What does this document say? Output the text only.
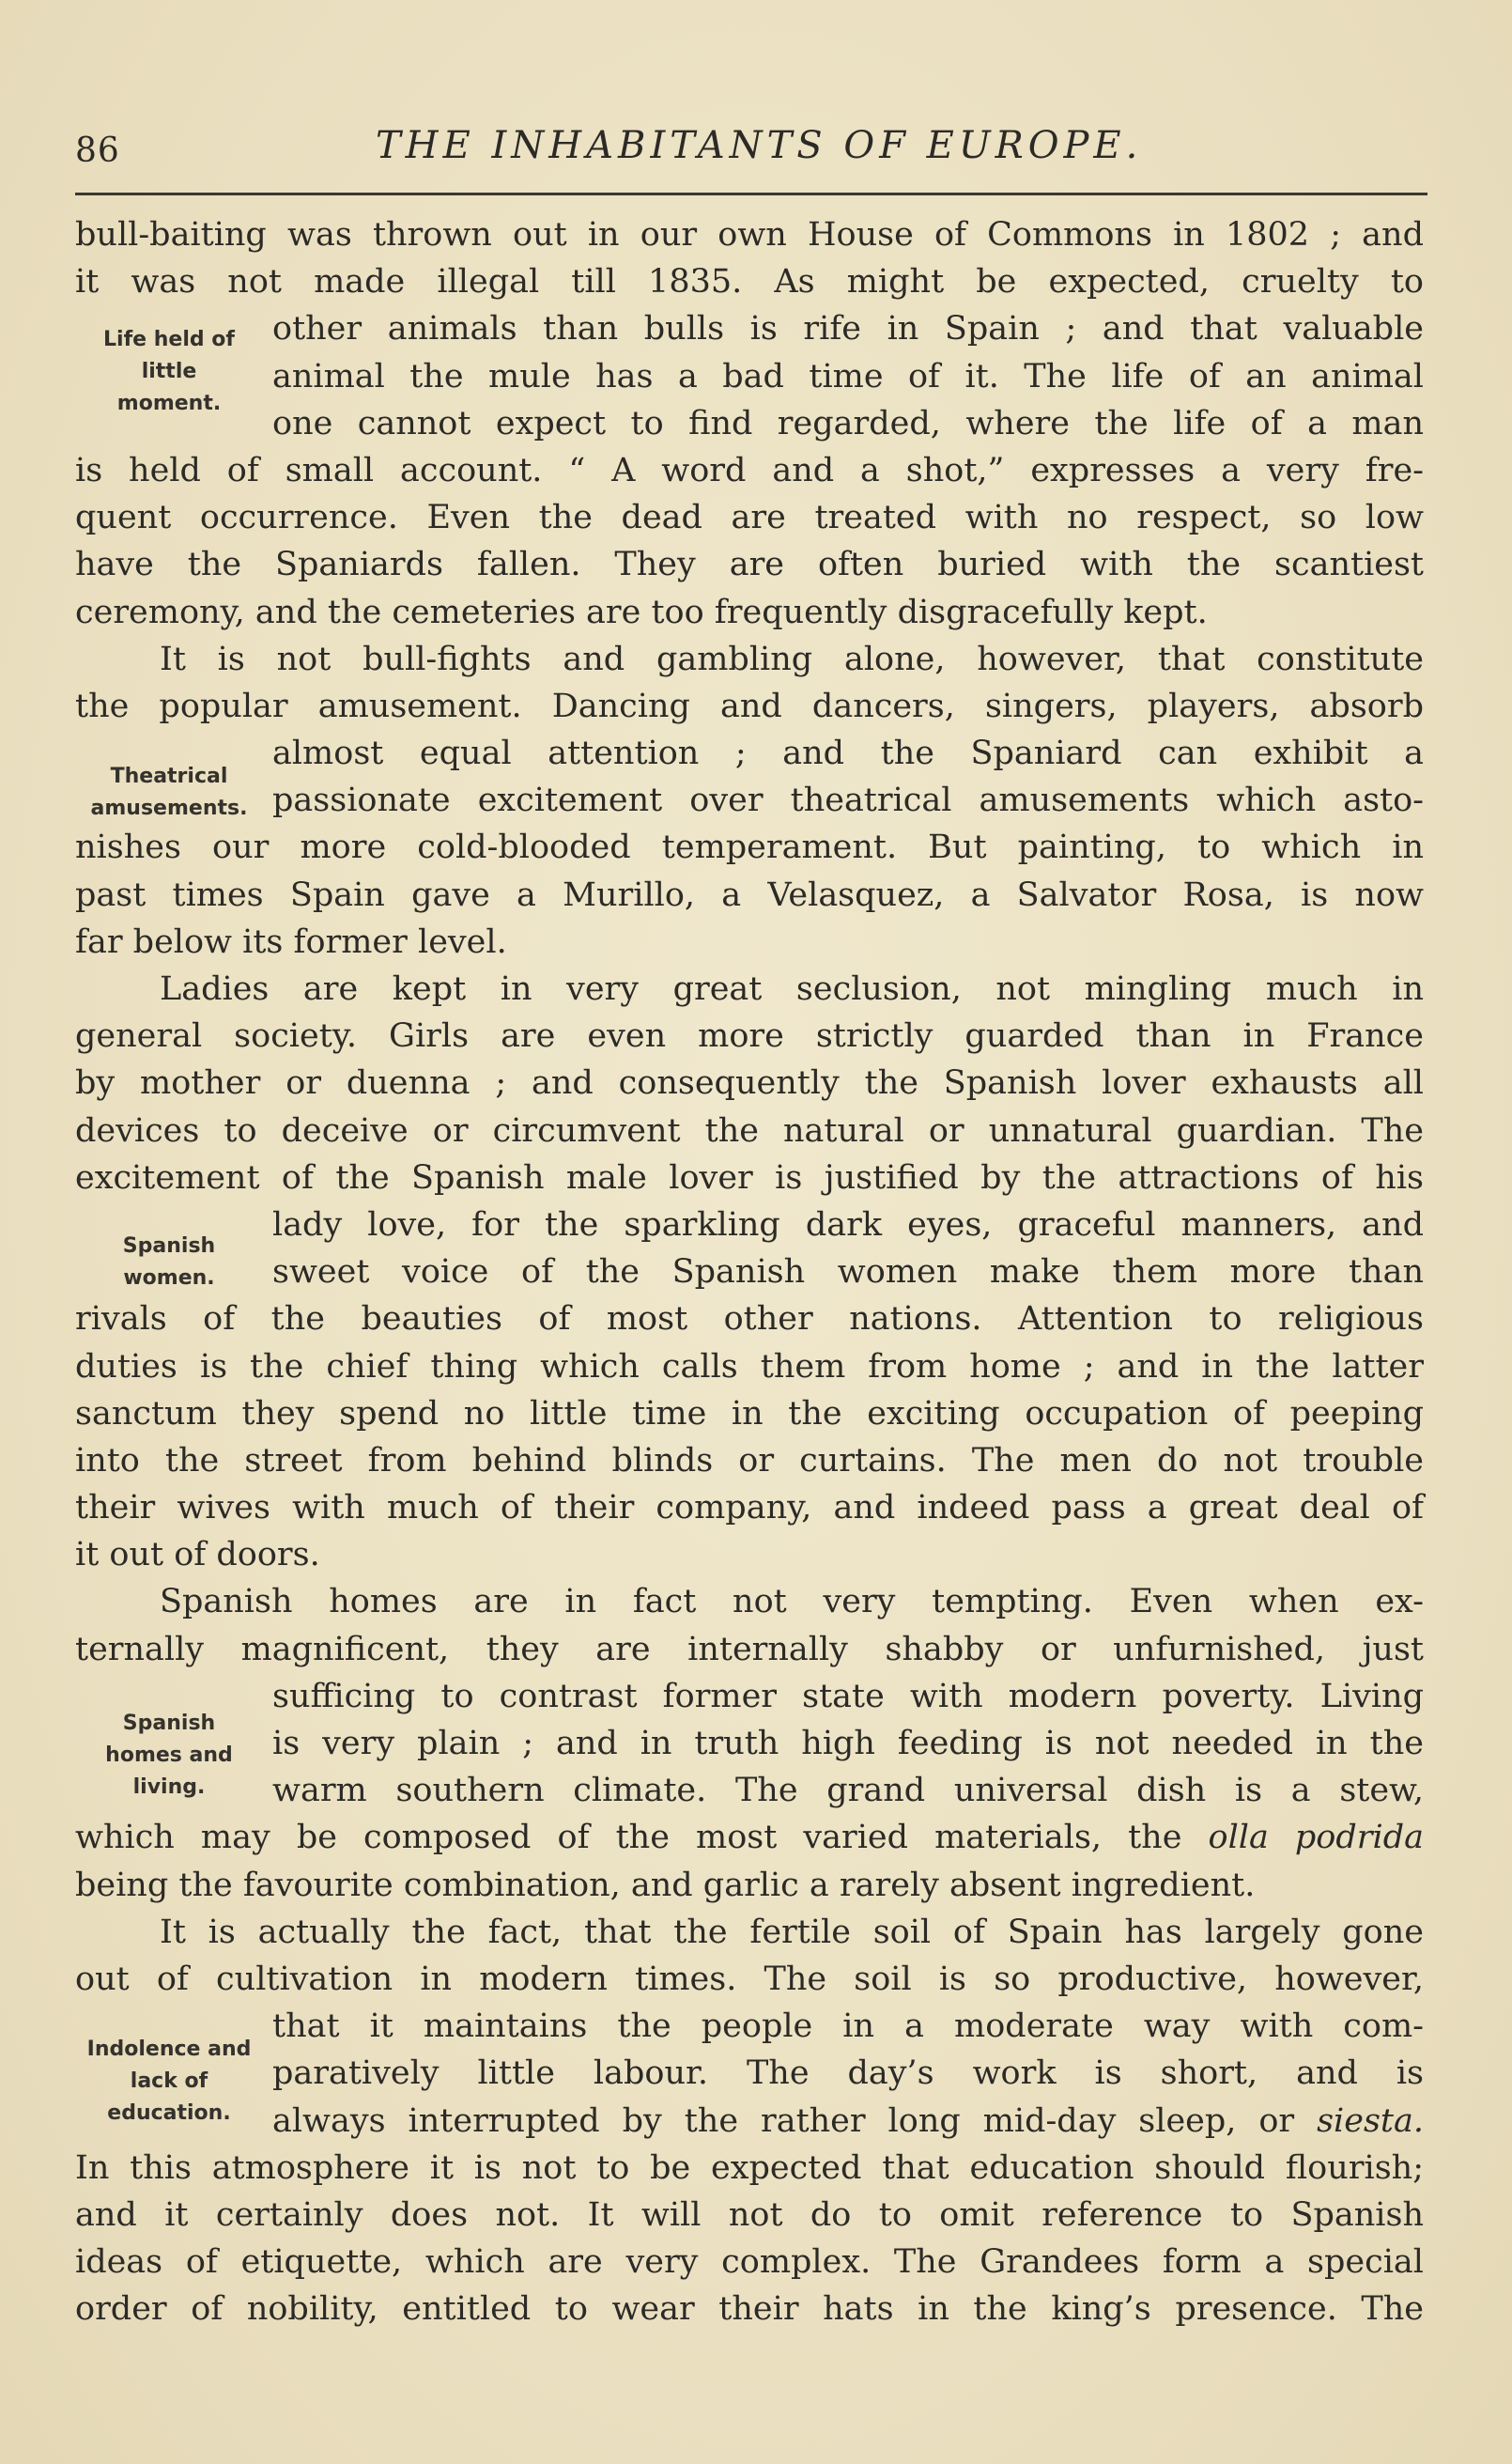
86	THE INHABITANTS OF EUROPE.
Life held of
little
moment.
Theatrical
amusements.
Spanish
women.
Spanish
homes and
living.
Indolence and
lack of
education.
bull-baiting was thrown out in our own House of Commons in 1802 ; and
it was not made illegal till 1835. As might be expected, cruelty to
other animals than bulls is rife in Spain ; and that valuable
animal the mule has a bad time of it. The life of an animal
one cannot expect to find regarded, where the life of a man
is held of small account. “ A word and a shot,” expresses a very fre-
quent occurrence. Even the dead are treated with no respect, so low
have the Spaniards fallen. They are often buried with the scantiest
ceremony, and the cemeteries are too frequently disgracefully kept.
It is not bull-fights and gambling alone, however, that constitute
the popular amusement. Dancing and dancers, singers, players, absorb
almost equal attention ; and the Spaniard can exhibit a
passionate excitement over theatrical amusements which asto-
nishes our more cold-blooded temperament. But painting, to which in
past times Spain gave a Murillo, a Velasquez, a Salvator Rosa, is now
far below its former level.
Ladies are kept in very great seclusion, not mingling much in
general society. Girls are even more strictly guarded than in France
by mother or duenna ; and consequently the Spanish lover exhausts all
devices to deceive or circumvent the natural or unnatural guardian. The
excitement of the Spanish male lover is justified by the attractions of his
lady love, for the sparkling dark eyes, graceful manners, and
sweet voice of the Spanish women make them more than
rivals of the beauties of most other nations. Attention to religious
duties is the chief thing which calls them from home ; and in the latter
sanctum they spend no little time in the exciting occupation of peeping
into the street from behind blinds or curtains. The men do not trouble
their wives with much of their company, and indeed pass a great deal of
it out of doors.
Spanish homes are in fact not very tempting. Even when ex-
ternally magnificent, they are internally shabby or unfurnished, just
sufficing to contrast former state with modern poverty. Living
is very plain ; and in truth high feeding is not needed in the
warm southern climate. The grand universal dish is a stew,
which may be composed of the most varied materials, the olla podrida
being the favourite combination, and garlic a rarely absent ingredient.
It is actually the fact, that the fertile soil of Spain has largely gone
out of cultivation in modern times. The soil is so productive, however,
that it maintains the people in a moderate way with com-
paratively little labour. The day’s work is short, and is
always interrupted by the rather long mid-day sleep, or siesta.
In this atmosphere it is not to be expected that education should flourish;
and it certainly does not. It will not do to omit reference to Spanish
ideas of etiquette, which are very complex. The Grandees form a special
order of nobility, entitled to wear their hats in the king’s presence. The
